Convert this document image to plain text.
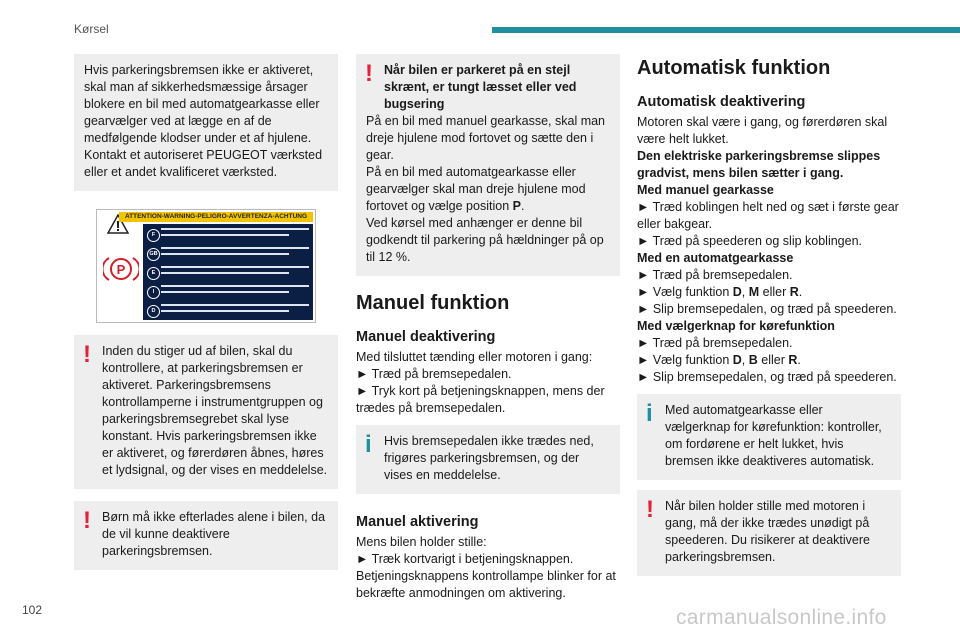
Kørsel

Hvis parkeringsbremsen ikke er aktiveret, skal man af sikkerhedsmæssige årsager blokere en bil med automatgearkasse eller gearvælger ved at lægge en af de medfølgende klodser under et af hjulene. Kontakt et autoriseret PEUGEOT værksted eller et andet kvalificeret værksted.

ATTENTION-WARNING-PELIGRO-AVVERTENZA-ACHTUNG
P
F
GB
E
I
D
! Inden du stiger ud af bilen, skal du kontrollere, at parkeringsbremsen er aktiveret. Parkeringsbremsens kontrollamperne i instrumentgruppen og parkeringsbremsegrebet skal lyse konstant. Hvis parkeringsbremsen ikke er aktiveret, og førerdøren åbnes, høres et lydsignal, og der vises en meddelelse.

! Børn må ikke efterlades alene i bilen, da de vil kunne deaktivere parkeringsbremsen.

! Når bilen er parkeret på en stejl skrænt, er tungt læsset eller ved bugsering

På en bil med manuel gearkasse, skal man dreje hjulene mod fortovet og sætte den i gear.

På en bil med automatgearkasse eller gearvælger skal man dreje hjulene mod fortovet og vælge position P.

Ved kørsel med anhænger er denne bil godkendt til parkering på hældninger på op til 12 %.

Manuel funktion

Manuel deaktivering

Med tilsluttet tænding eller motoren i gang:

► Træd på bremsepedalen.

► Tryk kort på betjeningsknappen, mens der trædes på bremsepedalen.

i Hvis bremsepedalen ikke trædes ned, frigøres parkeringsbremsen, og der vises en meddelelse.

Manuel aktivering

Mens bilen holder stille:

► Træk kortvarigt i betjeningsknappen.

Betjeningsknappens kontrollampe blinker for at bekræfte anmodningen om aktivering.

Automatisk funktion

Automatisk deaktivering

Motoren skal være i gang, og førerdøren skal være helt lukket.

Den elektriske parkeringsbremse slippes gradvist, mens bilen sætter i gang.

Med manuel gearkasse

► Træd koblingen helt ned og sæt i første gear eller bakgear.

► Træd på speederen og slip koblingen.

Med en automatgearkasse

► Træd på bremsepedalen.

► Vælg funktion D, M eller R.

► Slip bremsepedalen, og træd på speederen.

Med vælgerknap for kørefunktion

► Træd på bremsepedalen.

► Vælg funktion D, B eller R.

► Slip bremsepedalen, og træd på speederen.

i Med automatgearkasse eller vælgerknap for kørefunktion: kontroller, om fordørene er helt lukket, hvis bremsen ikke deaktiveres automatisk.

! Når bilen holder stille med motoren i gang, må der ikke trædes unødigt på speederen. Du risikerer at deaktivere parkeringsbremsen.

102	carmanualsonline.info
